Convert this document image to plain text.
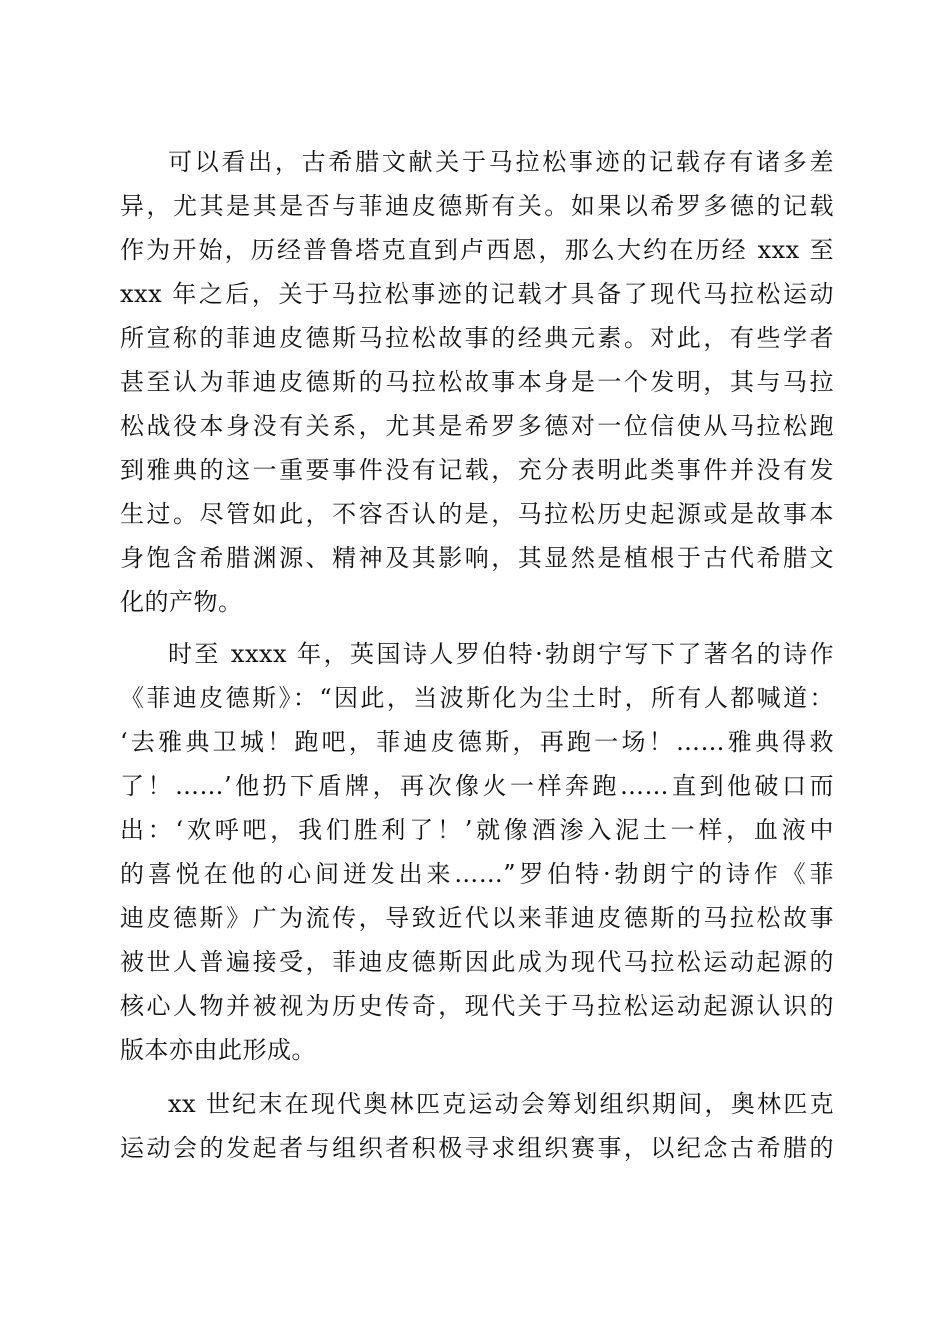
可以看出，古希腊文献关于马拉松事迹的记载存有诸多差
异，尤其是其是否与菲迪皮德斯有关。如果以希罗多德的记载
作为开始，历经普鲁塔克直到卢西恩，那么大约在历经 xxx 至
xxx 年之后，关于马拉松事迹的记载才具备了现代马拉松运动
所宣称的菲迪皮德斯马拉松故事的经典元素。对此，有些学者
甚至认为菲迪皮德斯的马拉松故事本身是一个发明，其与马拉
松战役本身没有关系，尤其是希罗多德对一位信使从马拉松跑
到雅典的这一重要事件没有记载，充分表明此类事件并没有发
生过。尽管如此，不容否认的是，马拉松历史起源或是故事本
身饱含希腊渊源、精神及其影响，其显然是植根于古代希腊文
化的产物。
时至 xxxx 年，英国诗人罗伯特·勃朗宁写下了著名的诗作
《菲迪皮德斯》：“因此，当波斯化为尘土时，所有人都喊道：
‘去雅典卫城！跑吧，菲迪皮德斯，再跑一场！……雅典得救
了！……’他扔下盾牌，再次像火一样奔跑……直到他破口而
出：‘欢呼吧，我们胜利了！’就像酒渗入泥土一样，血液中
的喜悦在他的心间迸发出来……”罗伯特·勃朗宁的诗作《菲
迪皮德斯》广为流传，导致近代以来菲迪皮德斯的马拉松故事
被世人普遍接受，菲迪皮德斯因此成为现代马拉松运动起源的
核心人物并被视为历史传奇，现代关于马拉松运动起源认识的
版本亦由此形成。
xx 世纪末在现代奥林匹克运动会筹划组织期间，奥林匹克
运动会的发起者与组织者积极寻求组织赛事，以纪念古希腊的
